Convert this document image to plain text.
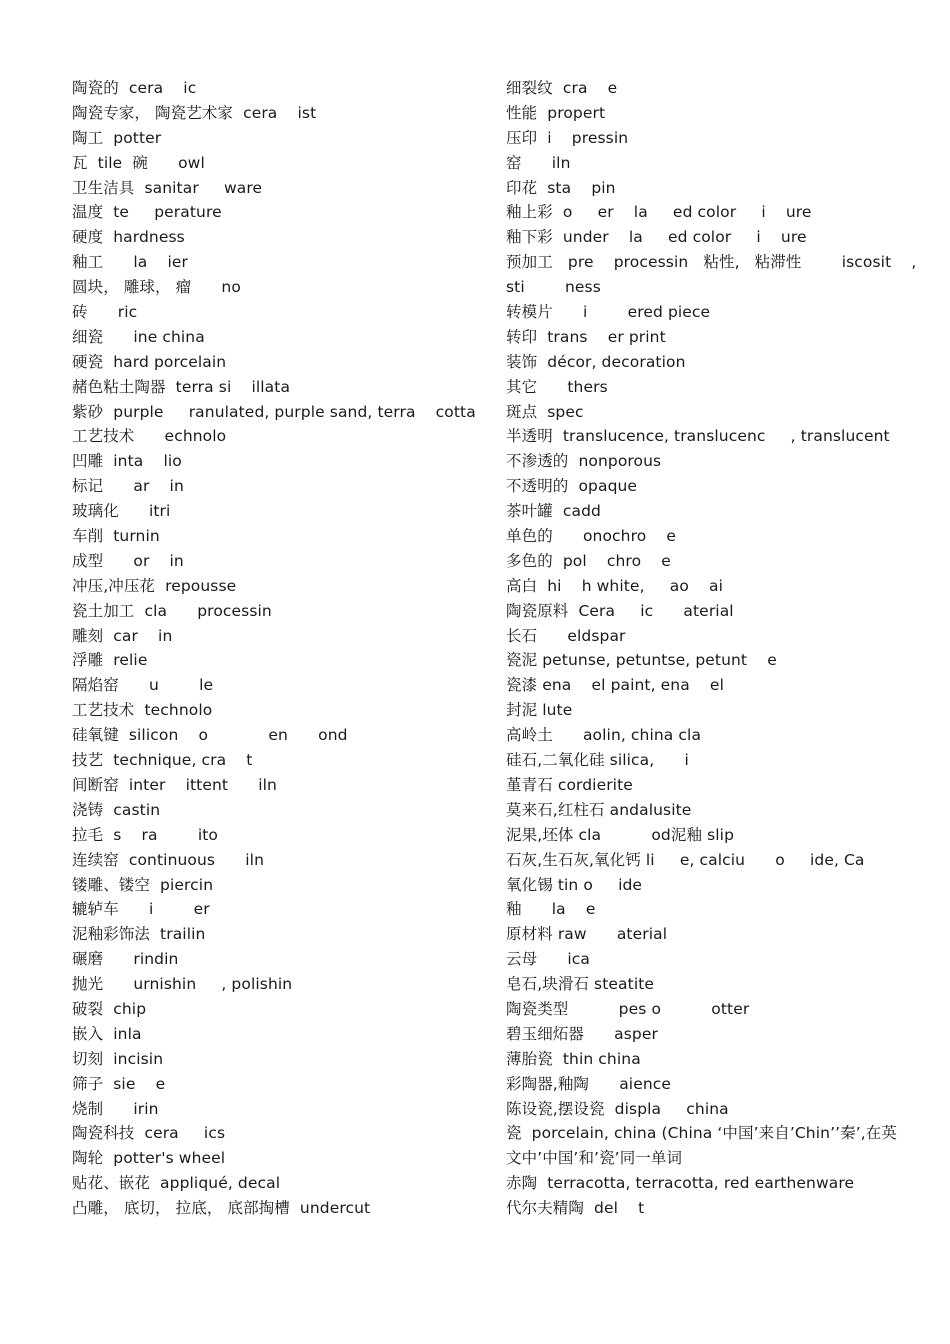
陶瓷的  cera    ic
陶瓷专家， 陶瓷艺术家  cera    ist
陶工  potter
瓦  tile  碗      owl
卫生洁具  sanitar     ware
温度  te     perature
硬度  hardness
釉工      la    ier
圆块， 雕球， 瘤      no
砖      ric
细瓷      ine china
硬瓷  hard porcelain
赭色粘土陶器  terra si    illata
紫砂  purple     ranulated, purple sand, terra    cotta
工艺技术      echnolo
凹雕  inta    lio
标记      ar    in
玻璃化      itri
车削  turnin
成型      or    in
冲压,冲压花  repousse
瓷土加工  cla      processin
雕刻  car    in
浮雕  relie
隔焰窑      u        le
工艺技术  technolo
硅氧键  silicon    o            en      ond
技艺  technique, cra    t
间断窑  inter    ittent      iln
浇铸  castin
拉毛  s    ra        ito
连续窑  continuous      iln
镂雕、镂空  piercin
辘轳车      i        er
泥釉彩饰法  trailin
碾磨      rindin
抛光      urnishin     , polishin
破裂  chip
嵌入  inla
切刻  incisin
筛子  sie    e
烧制      irin
陶瓷科技  cera     ics
陶轮  potter's wheel
贴花、嵌花  appliqué, decal
凸雕， 底切， 拉底， 底部掏槽  undercut
细裂纹  cra    e
性能  propert
压印  i    pressin
窑      iln
印花  sta    pin
釉上彩  o     er    la     ed color     i    ure
釉下彩  under    la     ed color     i    ure
预加工   pre    processin   粘性,   粘滞性        iscosit    ,
sti        ness
转模片      i        ered piece
转印  trans    er print
装饰  décor, decoration
其它      thers
斑点  spec
半透明  translucence, translucenc     , translucent
不渗透的  nonporous
不透明的  opaque
茶叶罐  cadd
单色的      onochro    e
多色的  pol    chro    e
高白  hi    h white,     ao    ai
陶瓷原料  Cera     ic      aterial
长石      eldspar
瓷泥 petunse, petuntse, petunt    e
瓷漆 ena    el paint, ena    el
封泥 lute
高岭土      aolin, china cla
硅石,二氧化硅 silica,      i
堇青石 cordierite
莫来石,红柱石 andalusite
泥果,坯体 cla          od泥釉 slip
石灰,生石灰,氧化钙 li     e, calciu      o     ide, Ca
氧化锡 tin o     ide
釉      la    e
原材料 raw      aterial
云母      ica
皂石,块滑石 steatite
陶瓷类型          pes o          otter
碧玉细炻器      asper
薄胎瓷  thin china
彩陶器,釉陶      aience
陈设瓷,摆设瓷  displa     china
瓷  porcelain, china (China ‘中国’来自’Chin’’秦’,在英
文中’中国’和’瓷’同一单词
赤陶  terracotta, terracotta, red earthenware
代尔夫精陶  del    t
